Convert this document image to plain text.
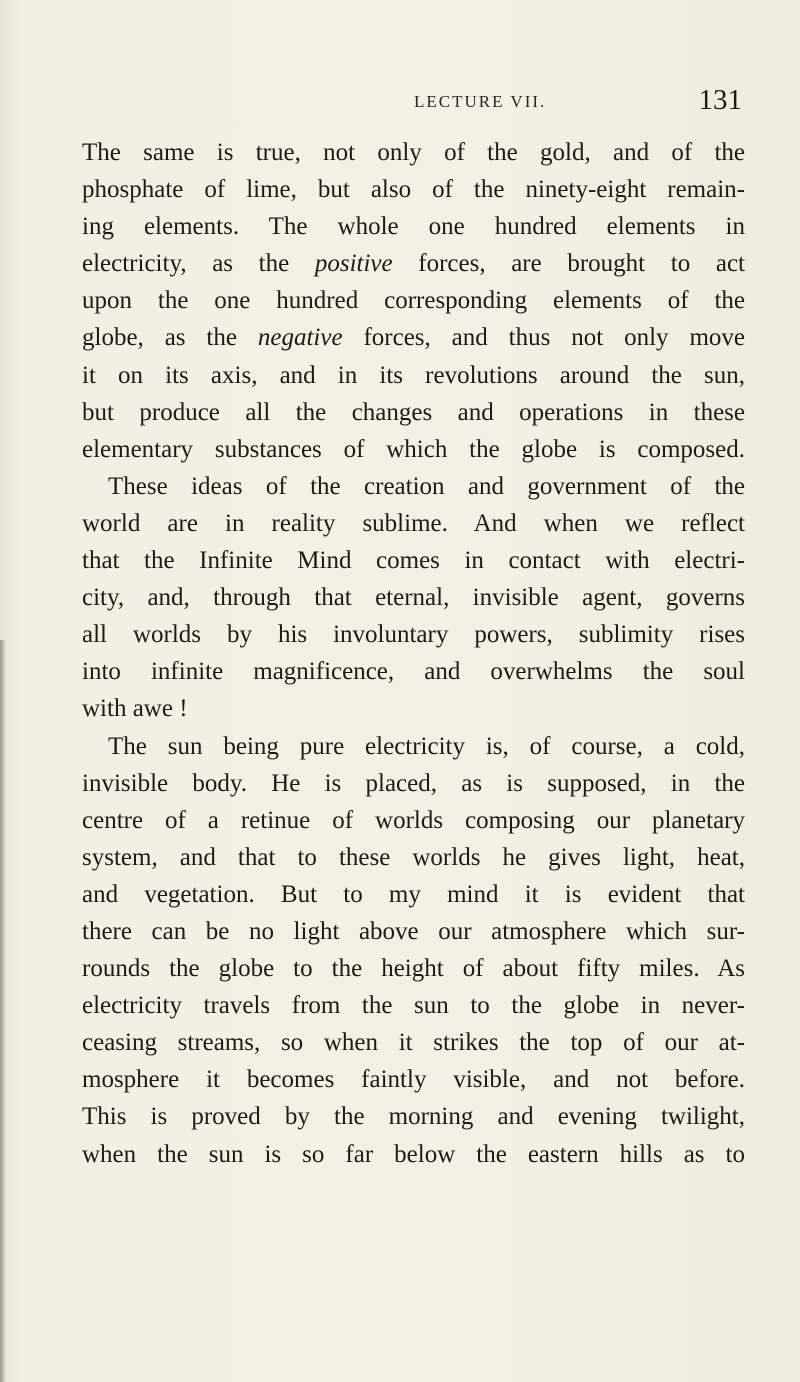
LECTURE VII.	131
The same is true, not only of the gold, and of the
phosphate of lime, but also of the ninety-eight remain-
ing elements. The whole one hundred elements in
electricity, as the positive forces, are brought to act
upon the one hundred corresponding elements of the
globe, as the negative forces, and thus not only move
it on its axis, and in its revolutions around the sun,
but produce all the changes and operations in these
elementary substances of which the globe is composed.
These ideas of the creation and government of the
world are in reality sublime. And when we reflect
that the Infinite Mind comes in contact with electri-
city, and, through that eternal, invisible agent, governs
all worlds by his involuntary powers, sublimity rises
into infinite magnificence, and overwhelms the soul
with awe !
The sun being pure electricity is, of course, a cold,
invisible body. He is placed, as is supposed, in the
centre of a retinue of worlds composing our planetary
system, and that to these worlds he gives light, heat,
and vegetation. But to my mind it is evident that
there can be no light above our atmosphere which sur-
rounds the globe to the height of about fifty miles. As
electricity travels from the sun to the globe in never-
ceasing streams, so when it strikes the top of our at-
mosphere it becomes faintly visible, and not before.
This is proved by the morning and evening twilight,
when the sun is so far below the eastern hills as to
